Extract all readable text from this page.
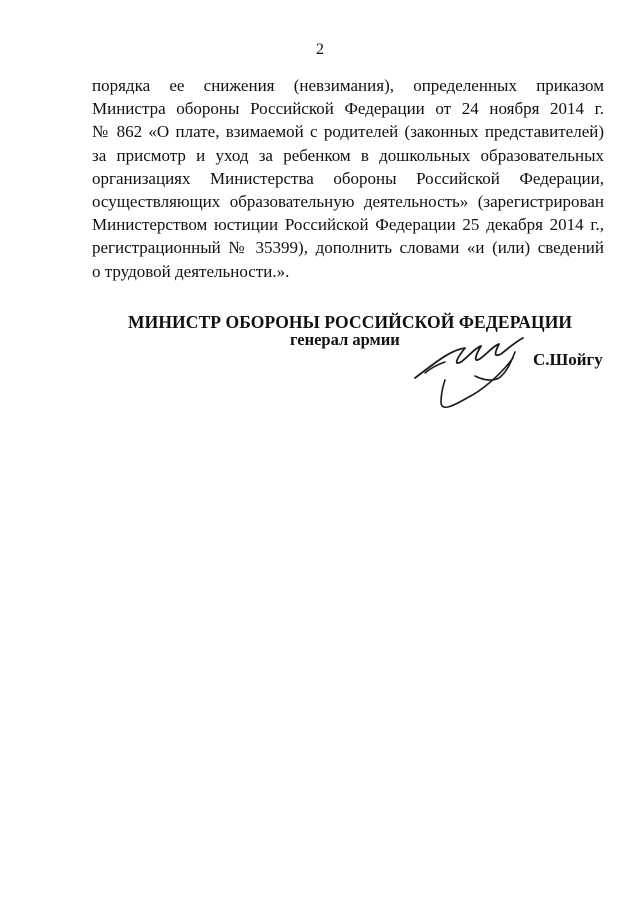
2
порядка ее снижения (невзимания), определенных приказом
Министра обороны Российской Федерации от 24 ноября 2014 г.
№ 862 «О плате, взимаемой с родителей (законных представителей)
за присмотр и уход за ребенком в дошкольных образовательных
организациях Министерства обороны Российской Федерации,
осуществляющих образовательную деятельность» (зарегистрирован
Министерством юстиции Российской Федерации 25 декабря 2014 г.,
регистрационный № 35399), дополнить словами «и (или) сведений
о трудовой деятельности.».
МИНИСТР ОБОРОНЫ РОССИЙСКОЙ ФЕДЕРАЦИИ
генерал армии
С.Шойгу
